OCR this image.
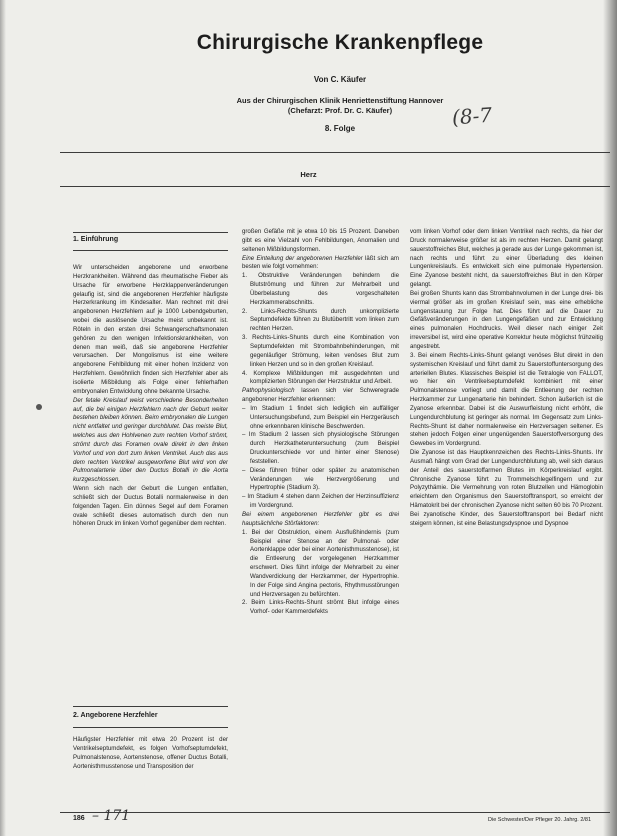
Chirurgische Krankenpflege
Von C. Käufer
Aus der Chirurgischen Klinik Henriettenstiftung Hannover
(Chefarzt: Prof. Dr. C. Käufer)
8. Folge	(8-7
Herz
1. Einführung

Wir unterscheiden angeborene und erworbene Herzkrankheiten. Während das rheumatische Fieber als Ursache für erworbene Herzklappenveränderungen gelaufig ist, sind die angeborenen Herzfehler häufigste Herzerkrankung im Kindesalter. Man rechnet mit drei angeborenen Herzfehlern auf je 1000 Lebendgeburten, wobei die auslösende Ursache meist unbekannt ist. Röteln in den ersten drei Schwangerschaftsmonaten gehören zu den wenigen Infektionskrankheiten, von denen man weiß, daß sie angeborene Herzfehler verursachen. Der Mongolismus ist eine weitere angeborene Fehlbildung mit einer hohen Inzidenz von Herzfehlern. Gewöhnlich finden sich Herzfehler aber als isolierte Mißbildung als Folge einer fehlerhaften embryonalen Entwicklung ohne bekannte Ursache.

Der fetale Kreislauf weist verschiedene Besonderheiten auf, die bei einigen Herzfehlern nach der Geburt weiter bestehen bleiben können. Beim embryonalen die Lungen nicht entfaltet und geringer durchblutet. Das meiste Blut, welches aus den Hohlvenen zum rechten Vorhof strömt, strömt durch das Foramen ovale direkt in den linken Vorhof und von dort zum linken Ventrikel. Auch das aus dem rechten Ventrikel ausgeworfene Blut wird von der Pulmonalarterie über den Ductus Botalli in die Aorta kurzgeschlossen.

Wenn sich nach der Geburt die Lungen entfalten, schließt sich der Ductus Botalli normalerweise in den folgenden Tagen. Ein dünnes Segel auf dem Foramen ovale schließt dieses automatisch durch den nun höheren Druck im linken Vorhof gegenüber dem rechten.

2. Angeborene Herzfehler

Häufigster Herzfehler mit etwa 20 Prozent ist der Ventrikelseptumdefekt, es folgen Vorhofseptumdefekt, Pulmonalstenose, Aortenstenose, offener Ductus Botalli, Aortenisthmusstenose und Transposition der

großen Gefäße mit je etwa 10 bis 15 Prozent. Daneben gibt es eine Vielzahl von Fehlbildungen, Anomalien und seltenen Mißbildungsformen.

Eine Einteilung der angeborenen Herzfehler läßt sich am besten wie folgt vornehmen:

1. Obstruktive Veränderungen behindern die Blutströmung und führen zur Mehrarbeit und Überbelastung des vorgeschalteten Herzkammerabschnitts.

2. Links-Rechts-Shunts durch unkomplizierte Septumdefekte führen zu Blutübertritt vom linken zum rechten Herzen.

3. Rechts-Links-Shunts durch eine Kombination von Septumdefekten mit Strombahnbehinderungen, mit gegenläufiger Strömung, leiten venöses Blut zum linken Herzen und so in den großen Kreislauf.

4. Komplexe Mißbildungen mit ausgedehnten und komplizierten Störungen der Herzstruktur und Arbeit.

Pathophysiologisch lassen sich vier Schweregrade angeborener Herzfehler erkennen:

– Im Stadium 1 findet sich lediglich ein auffälliger Untersuchungsbefund, zum Beispiel ein Herzgeräusch ohne erkennbaren klinische Beschwerden.

– Im Stadium 2 lassen sich physiologische Störungen durch Herzkatheteruntersuchung (zum Beispiel Druckunterschiede vor und hinter einer Stenose) feststellen.

– Diese führen früher oder später zu anatomischen Veränderungen wie Herzvergrößerung und Hypertrophie (Stadium 3).

– Im Stadium 4 stehen dann Zeichen der Herzinsuffizienz im Vordergrund.

Bei einem angeborenen Herzfehler gibt es drei hauptsächliche Störfaktoren:

1. Bei der Obstruktion, einem Ausflußhindernis (zum Beispiel einer Stenose an der Pulmonal- oder Aortenklappe oder bei einer Aortenisthmusstenose), ist die Entleerung der vorgelegenen Herzkammer erschwert. Dies führt infolge der Mehrarbeit zu einer Wandverdickung der Herzkammer, der Hypertrophie. In der Folge sind Angina pectoris, Rhythmusstörungen und Herzversagen zu befürchten.

2. Beim Links-Rechts-Shunt strömt Blut infolge eines Vorhof- oder Kammerdefekts

vom linken Vorhof oder dem linken Ventrikel nach rechts, da hier der Druck normalerweise größer ist als im rechten Herzen. Damit gelangt sauerstoffreiches Blut, welches ja gerade aus der Lunge gekommen ist, nach rechts und führt zu einer Überladung des kleinen Lungenkreislaufs. Es entwickelt sich eine pulmonale Hypertension. Eine Zyanose besteht nicht, da sauerstoffreiches Blut in den Körper gelangt.

Bei großen Shunts kann das Strombahnvolumen in der Lunge drei- bis viermal größer als im großen Kreislauf sein, was eine erhebliche Lungenstauung zur Folge hat. Dies führt auf die Dauer zu Gefäßveränderungen in den Lungengefäßen und zur Entwicklung eines pulmonalen Hochdrucks. Weil dieser nach einiger Zeit irreversibel ist, wird eine operative Korrektur heute möglichst frühzeitig angestrebt.

3. Bei einem Rechts-Links-Shunt gelangt venöses Blut direkt in den systemischen Kreislauf und führt damit zu Sauerstoffuntersorgung des arteriellen Blutes. Klassisches Beispiel ist die Tetralogie von FALLOT, wo hier ein Ventrikelseptumdefekt kombiniert mit einer Pulmonalstenose vorliegt und damit die Entleerung der rechten Herzkammer zur Lungenarterie hin behindert. Schon äußerlich ist die Zyanose erkennbar. Dabei ist die Auswurfleistung nicht erhöht, die Lungendurchblutung ist geringer als normal. Im Gegensatz zum Links-Rechts-Shunt ist daher normalerweise ein Herzversagen seltener. Es stehen jedoch Folgen einer ungenügenden Sauerstoffversorgung des Gewebes im Vordergrund.

Die Zyanose ist das Hauptkennzeichen des Rechts-Links-Shunts. Ihr Ausmaß hängt vom Grad der Lungendurchblutung ab, weil sich daraus der Anteil des sauerstoffarmen Blutes im Körperkreislauf ergibt. Chronische Zyanose führt zu Trommelschlegelfingern und zur Polyzythämie. Die Vermehrung von roten Blutzellen und Hämoglobin erleichtern den Organismus den Sauerstofftransport, so erreicht der Hämatokrit bei der chronischen Zyanose nicht selten 60 bis 70 Prozent. Bei zyanotische Kinder, des Sauerstofftransport bei Bedarf nicht steigern können, ist eine Belastungsdyspnoe und Dyspnoe

186 – 171	Die Schwester/Der Pfleger 20. Jahrg. 2/81
